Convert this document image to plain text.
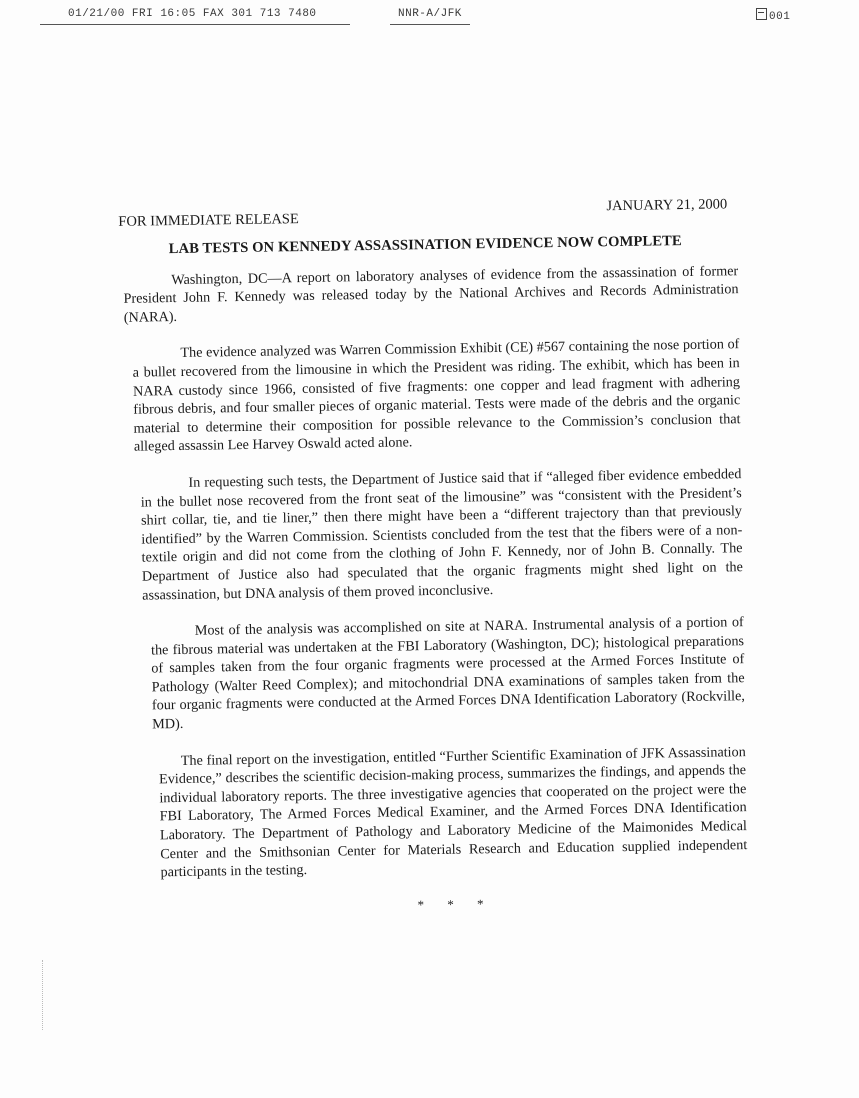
01/21/00 FRI 16:05 FAX 301 713 7480	NNR-A/JFK	001
FOR IMMEDIATE RELEASE
JANUARY 21, 2000
LAB TESTS ON KENNEDY ASSASSINATION EVIDENCE NOW COMPLETE

Washington, DC—A report on laboratory analyses of evidence from the assassination of former President John F. Kennedy was released today by the National Archives and Records Administration (NARA).

The evidence analyzed was Warren Commission Exhibit (CE) #567 containing the nose portion of a bullet recovered from the limousine in which the President was riding. The exhibit, which has been in NARA custody since 1966, consisted of five fragments: one copper and lead fragment with adhering fibrous debris, and four smaller pieces of organic material. Tests were made of the debris and the organic material to determine their composition for possible relevance to the Commission’s conclusion that alleged assassin Lee Harvey Oswald acted alone.

In requesting such tests, the Department of Justice said that if “alleged fiber evidence embedded in the bullet nose recovered from the front seat of the limousine” was “consistent with the President’s shirt collar, tie, and tie liner,” then there might have been a “different trajectory than that previously identified” by the Warren Commission. Scientists concluded from the test that the fibers were of a non-textile origin and did not come from the clothing of John F. Kennedy, nor of John B. Connally. The Department of Justice also had speculated that the organic fragments might shed light on the assassination, but DNA analysis of them proved inconclusive.

Most of the analysis was accomplished on site at NARA. Instrumental analysis of a portion of the fibrous material was undertaken at the FBI Laboratory (Washington, DC); histological preparations of samples taken from the four organic fragments were processed at the Armed Forces Institute of Pathology (Walter Reed Complex); and mitochondrial DNA examinations of samples taken from the four organic fragments were conducted at the Armed Forces DNA Identification Laboratory (Rockville, MD).

The final report on the investigation, entitled “Further Scientific Examination of JFK Assassination Evidence,” describes the scientific decision-making process, summarizes the findings, and appends the individual laboratory reports. The three investigative agencies that cooperated on the project were the FBI Laboratory, The Armed Forces Medical Examiner, and the Armed Forces DNA Identification Laboratory. The Department of Pathology and Laboratory Medicine of the Maimonides Medical Center and the Smithsonian Center for Materials Research and Education supplied independent participants in the testing.

* * *
